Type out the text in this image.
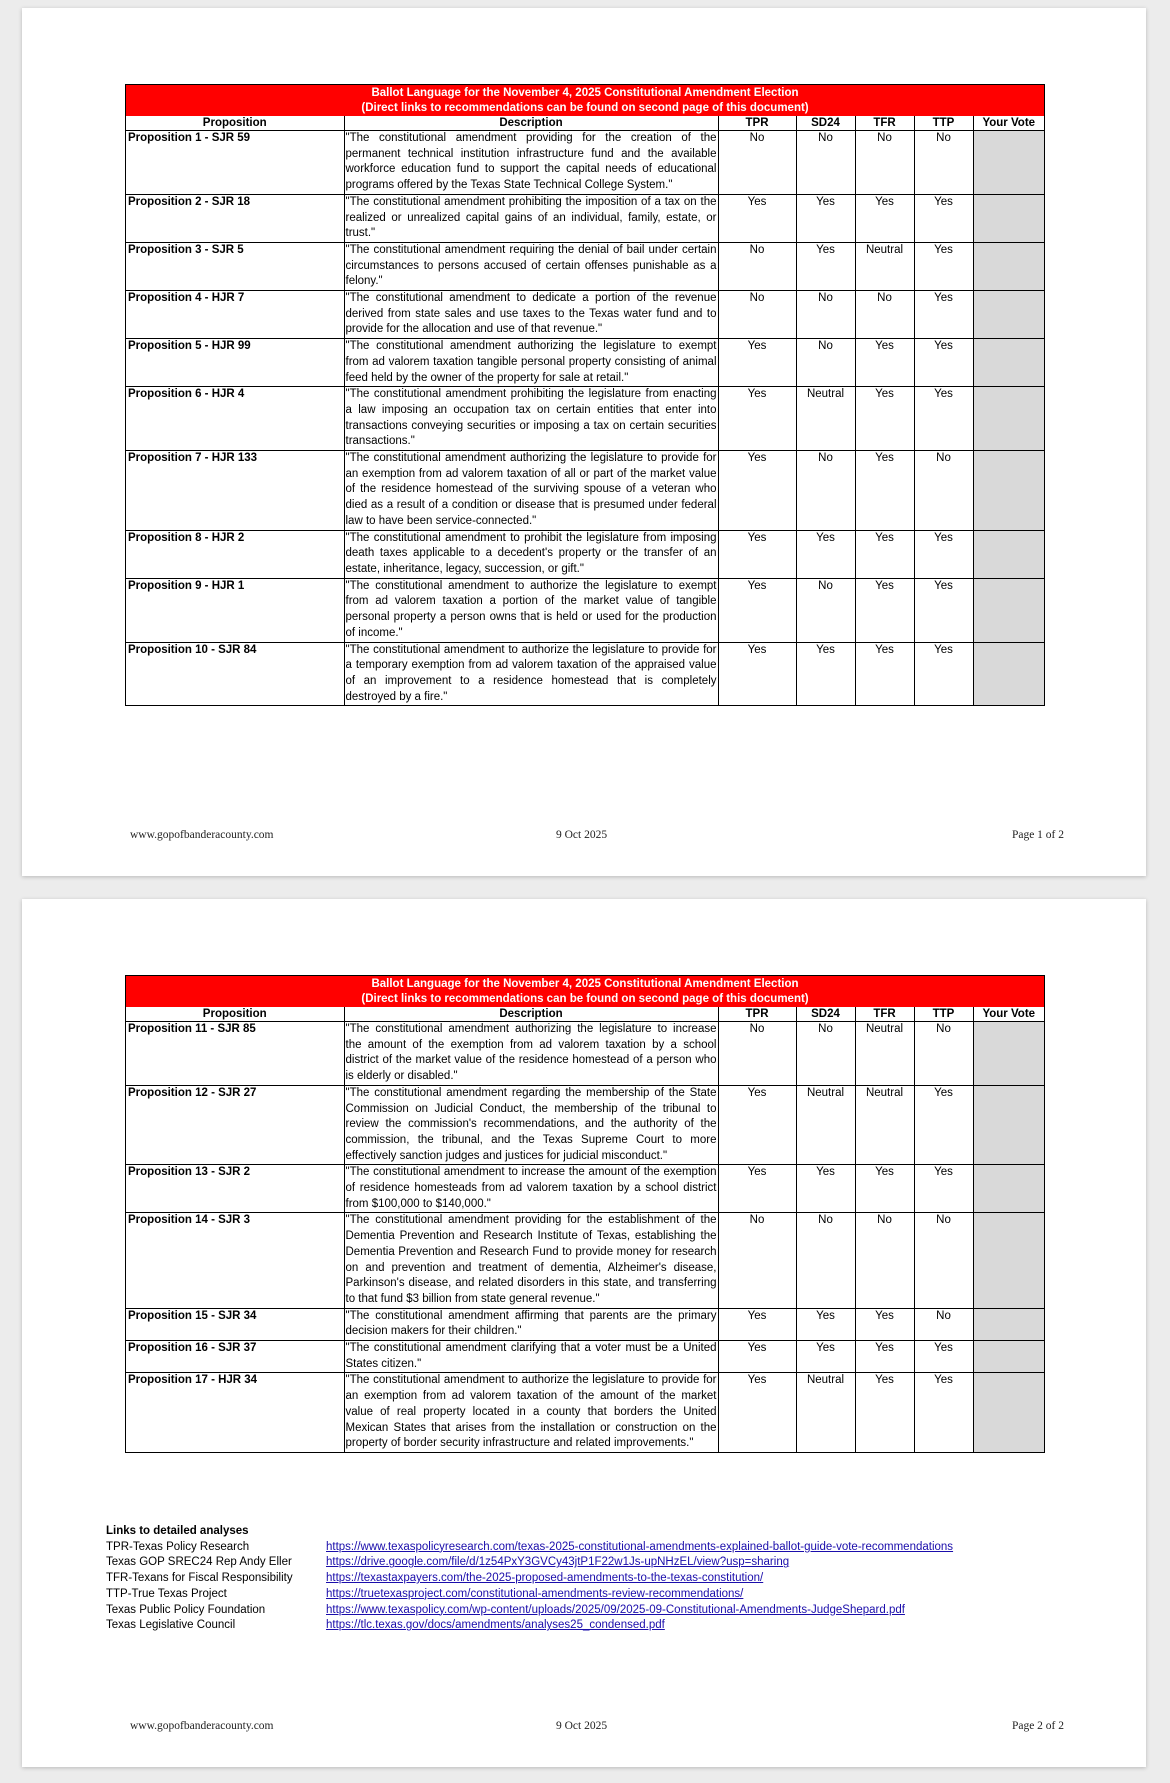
Ballot Language for the November 4, 2025 Constitutional Amendment Election
(Direct links to recommendations can be found on second page of this document)
Proposition	Description	TPR	SD24	TFR	TTP	Your Vote
Proposition 1 - SJR 59	"The constitutional amendment providing for the creation of the permanent technical institution infrastructure fund and the available workforce education fund to support the capital needs of educational programs offered by the Texas State Technical College System."	No	No	No	No	
Proposition 2 - SJR 18	"The constitutional amendment prohibiting the imposition of a tax on the realized or unrealized capital gains of an individual, family, estate, or trust."	Yes	Yes	Yes	Yes	
Proposition 3 - SJR 5	"The constitutional amendment requiring the denial of bail under certain circumstances to persons accused of certain offenses punishable as a felony."	No	Yes	Neutral	Yes	
Proposition 4 - HJR 7	"The constitutional amendment to dedicate a portion of the revenue derived from state sales and use taxes to the Texas water fund and to provide for the allocation and use of that revenue."	No	No	No	Yes	
Proposition 5 - HJR 99	"The constitutional amendment authorizing the legislature to exempt from ad valorem taxation tangible personal property consisting of animal feed held by the owner of the property for sale at retail."	Yes	No	Yes	Yes	
Proposition 6 - HJR 4	"The constitutional amendment prohibiting the legislature from enacting a law imposing an occupation tax on certain entities that enter into transactions conveying securities or imposing a tax on certain securities transactions."	Yes	Neutral	Yes	Yes	
Proposition 7 - HJR 133	"The constitutional amendment authorizing the legislature to provide for an exemption from ad valorem taxation of all or part of the market value of the residence homestead of the surviving spouse of a veteran who died as a result of a condition or disease that is presumed under federal law to have been service-connected."	Yes	No	Yes	No	
Proposition 8 - HJR 2	"The constitutional amendment to prohibit the legislature from imposing death taxes applicable to a decedent's property or the transfer of an estate, inheritance, legacy, succession, or gift."	Yes	Yes	Yes	Yes	
Proposition 9 - HJR 1	"The constitutional amendment to authorize the legislature to exempt from ad valorem taxation a portion of the market value of tangible personal property a person owns that is held or used for the production of income."	Yes	No	Yes	Yes	
Proposition 10 - SJR 84	"The constitutional amendment to authorize the legislature to provide for a temporary exemption from ad valorem taxation of the appraised value of an improvement to a residence homestead that is completely destroyed by a fire."	Yes	Yes	Yes	Yes	
www.gopofbanderacounty.com	9 Oct 2025	Page 1 of 2
Ballot Language for the November 4, 2025 Constitutional Amendment Election
(Direct links to recommendations can be found on second page of this document)
Proposition	Description	TPR	SD24	TFR	TTP	Your Vote
Proposition 11 - SJR 85	"The constitutional amendment authorizing the legislature to increase the amount of the exemption from ad valorem taxation by a school district of the market value of the residence homestead of a person who is elderly or disabled."	No	No	Neutral	No	
Proposition 12 - SJR 27	"The constitutional amendment regarding the membership of the State Commission on Judicial Conduct, the membership of the tribunal to review the commission's recommendations, and the authority of the commission, the tribunal, and the Texas Supreme Court to more effectively sanction judges and justices for judicial misconduct."	Yes	Neutral	Neutral	Yes	
Proposition 13 - SJR 2	"The constitutional amendment to increase the amount of the exemption of residence homesteads from ad valorem taxation by a school district from $100,000 to $140,000."	Yes	Yes	Yes	Yes	
Proposition 14 - SJR 3	"The constitutional amendment providing for the establishment of the Dementia Prevention and Research Institute of Texas, establishing the Dementia Prevention and Research Fund to provide money for research on and prevention and treatment of dementia, Alzheimer's disease, Parkinson's disease, and related disorders in this state, and transferring to that fund $3 billion from state general revenue."	No	No	No	No	
Proposition 15 - SJR 34	"The constitutional amendment affirming that parents are the primary decision makers for their children."	Yes	Yes	Yes	No	
Proposition 16 - SJR 37	"The constitutional amendment clarifying that a voter must be a United States citizen."	Yes	Yes	Yes	Yes	
Proposition 17 - HJR 34	"The constitutional amendment to authorize the legislature to provide for an exemption from ad valorem taxation of the amount of the market value of real property located in a county that borders the United Mexican States that arises from the installation or construction on the property of border security infrastructure and related improvements."	Yes	Neutral	Yes	Yes	
www.gopofbanderacounty.com	9 Oct 2025	Page 2 of 2
Links to detailed analyses
TPR-Texas Policy Research	https://www.texaspolicyresearch.com/texas-2025-constitutional-amendments-explained-ballot-guide-vote-recommendations
Texas GOP SREC24 Rep Andy Eller	https://drive.google.com/file/d/1z54PxY3GVCy43jtP1F22w1Js-upNHzEL/view?usp=sharing
TFR-Texans for Fiscal Responsibility	https://texastaxpayers.com/the-2025-proposed-amendments-to-the-texas-constitution/
TTP-True Texas Project	https://truetexasproject.com/constitutional-amendments-review-recommendations/
Texas Public Policy Foundation	https://www.texaspolicy.com/wp-content/uploads/2025/09/2025-09-Constitutional-Amendments-JudgeShepard.pdf
Texas Legislative Council	https://tlc.texas.gov/docs/amendments/analyses25_condensed.pdf
